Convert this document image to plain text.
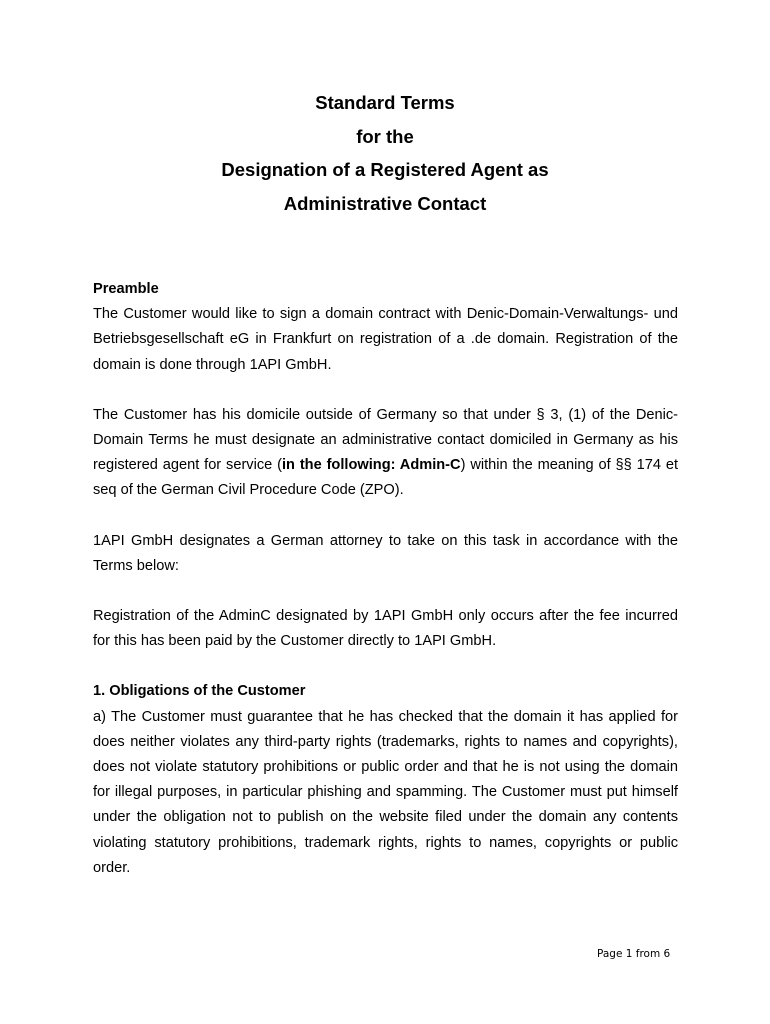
Standard Terms
for the
Designation of a Registered Agent as
Administrative Contact

Preamble

The Customer would like to sign a domain contract with Denic-Domain-Verwaltungs- und Betriebsgesellschaft eG in Frankfurt on registration of a .de domain. Registration of the domain is done through 1API GmbH.

The Customer has his domicile outside of Germany so that under § 3, (1) of the Denic-Domain Terms he must designate an administrative contact domiciled in Germany as his registered agent for service (in the following: Admin-C) within the meaning of §§ 174 et seq of the German Civil Procedure Code (ZPO).

1API GmbH designates a German attorney to take on this task in accordance with the Terms below:

Registration of the AdminC designated by 1API GmbH only occurs after the fee incurred for this has been paid by the Customer directly to 1API GmbH.

1. Obligations of the Customer

a) The Customer must guarantee that he has checked that the domain it has applied for does neither violates any third-party rights (trademarks, rights to names and copyrights), does not violate statutory prohibitions or public order and that he is not using the domain for illegal purposes, in particular phishing and spamming. The Customer must put himself under the obligation not to publish on the website filed under the domain any contents violating statutory prohibitions, trademark rights, rights to names, copyrights or public order.

Page 1 from 6
